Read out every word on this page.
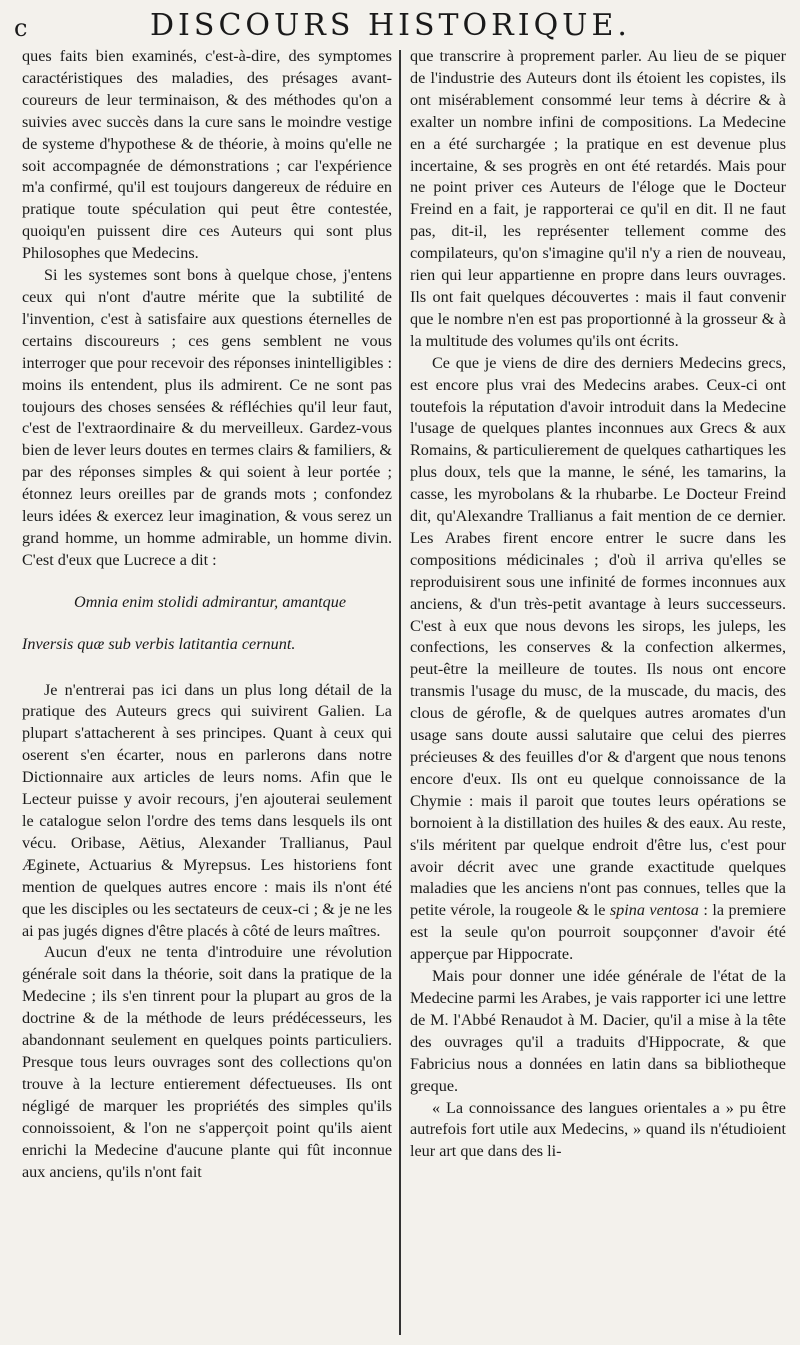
c	DISCOURS HISTORIQUE.

ques faits bien examinés, c'est-à-dire, des symptomes caractéristiques des maladies, des présages avant-coureurs de leur terminaison, & des méthodes qu'on a suivies avec succès dans la cure sans le moindre vestige de systeme d'hypothese & de théorie, à moins qu'elle ne soit accompagnée de démonstrations ; car l'expérience m'a confirmé, qu'il est toujours dangereux de réduire en pratique toute spéculation qui peut être contestée, quoiqu'en puissent dire ces Auteurs qui sont plus Philosophes que Medecins.

Si les systemes sont bons à quelque chose, j'entens ceux qui n'ont d'autre mérite que la subtilité de l'invention, c'est à satisfaire aux questions éternelles de certains discoureurs ; ces gens semblent ne vous interroger que pour recevoir des réponses inintelligibles : moins ils entendent, plus ils admirent. Ce ne sont pas toujours des choses sensées & réfléchies qu'il leur faut, c'est de l'extraordinaire & du merveilleux. Gardez-vous bien de lever leurs doutes en termes clairs & familiers, & par des réponses simples & qui soient à leur portée ; étonnez leurs oreilles par de grands mots ; confondez leurs idées & exercez leur imagination, & vous serez un grand homme, un homme admirable, un homme divin. C'est d'eux que Lucrece a dit :

Omnia enim stolidi admirantur, amantque

Inversis quæ sub verbis latitantia cernunt.

Je n'entrerai pas ici dans un plus long détail de la pratique des Auteurs grecs qui suivirent Galien. La plupart s'attacherent à ses principes. Quant à ceux qui oserent s'en écarter, nous en parlerons dans notre Dictionnaire aux articles de leurs noms. Afin que le Lecteur puisse y avoir recours, j'en ajouterai seulement le catalogue selon l'ordre des tems dans lesquels ils ont vécu. Oribase, Aëtius, Alexander Trallianus, Paul Æginete, Actuarius & Myrepsus. Les historiens font mention de quelques autres encore : mais ils n'ont été que les disciples ou les sectateurs de ceux-ci ; & je ne les ai pas jugés dignes d'être placés à côté de leurs maîtres.

Aucun d'eux ne tenta d'introduire une révolution générale soit dans la théorie, soit dans la pratique de la Medecine ; ils s'en tinrent pour la plupart au gros de la doctrine & de la méthode de leurs prédécesseurs, les abandonnant seulement en quelques points particuliers. Presque tous leurs ouvrages sont des collections qu'on trouve à la lecture entierement défectueuses. Ils ont négligé de marquer les propriétés des simples qu'ils connoissoient, & l'on ne s'apperçoit point qu'ils aient enrichi la Medecine d'aucune plante qui fût inconnue aux anciens, qu'ils n'ont fait

que transcrire à proprement parler. Au lieu de se piquer de l'industrie des Auteurs dont ils étoient les copistes, ils ont misérablement consommé leur tems à décrire & à exalter un nombre infini de compositions. La Medecine en a été surchargée ; la pratique en est devenue plus incertaine, & ses progrès en ont été retardés. Mais pour ne point priver ces Auteurs de l'éloge que le Docteur Freind en a fait, je rapporterai ce qu'il en dit. Il ne faut pas, dit-il, les représenter tellement comme des compilateurs, qu'on s'imagine qu'il n'y a rien de nouveau, rien qui leur appartienne en propre dans leurs ouvrages. Ils ont fait quelques découvertes : mais il faut convenir que le nombre n'en est pas proportionné à la grosseur & à la multitude des volumes qu'ils ont écrits.

Ce que je viens de dire des derniers Medecins grecs, est encore plus vrai des Medecins arabes. Ceux-ci ont toutefois la réputation d'avoir introduit dans la Medecine l'usage de quelques plantes inconnues aux Grecs & aux Romains, & particulierement de quelques cathartiques les plus doux, tels que la manne, le séné, les tamarins, la casse, les myrobolans & la rhubarbe. Le Docteur Freind dit, qu'Alexandre Trallianus a fait mention de ce dernier. Les Arabes firent encore entrer le sucre dans les compositions médicinales ; d'où il arriva qu'elles se reproduisirent sous une infinité de formes inconnues aux anciens, & d'un très-petit avantage à leurs successeurs. C'est à eux que nous devons les sirops, les juleps, les confections, les conserves & la confection alkermes, peut-être la meilleure de toutes. Ils nous ont encore transmis l'usage du musc, de la muscade, du macis, des clous de gérofle, & de quelques autres aromates d'un usage sans doute aussi salutaire que celui des pierres précieuses & des feuilles d'or & d'argent que nous tenons encore d'eux. Ils ont eu quelque connoissance de la Chymie : mais il paroit que toutes leurs opérations se bornoient à la distillation des huiles & des eaux. Au reste, s'ils méritent par quelque endroit d'être lus, c'est pour avoir décrit avec une grande exactitude quelques maladies que les anciens n'ont pas connues, telles que la petite vérole, la rougeole & le spina ventosa : la premiere est la seule qu'on pourroit soupçonner d'avoir été apperçue par Hippocrate.

Mais pour donner une idée générale de l'état de la Medecine parmi les Arabes, je vais rapporter ici une lettre de M. l'Abbé Renaudot à M. Dacier, qu'il a mise à la tête des ouvrages qu'il a traduits d'Hippocrate, & que Fabricius nous a données en latin dans sa bibliotheque greque.

« La connoissance des langues orientales a » pu être autrefois fort utile aux Medecins, » quand ils n'étudioient leur art que dans des li-
